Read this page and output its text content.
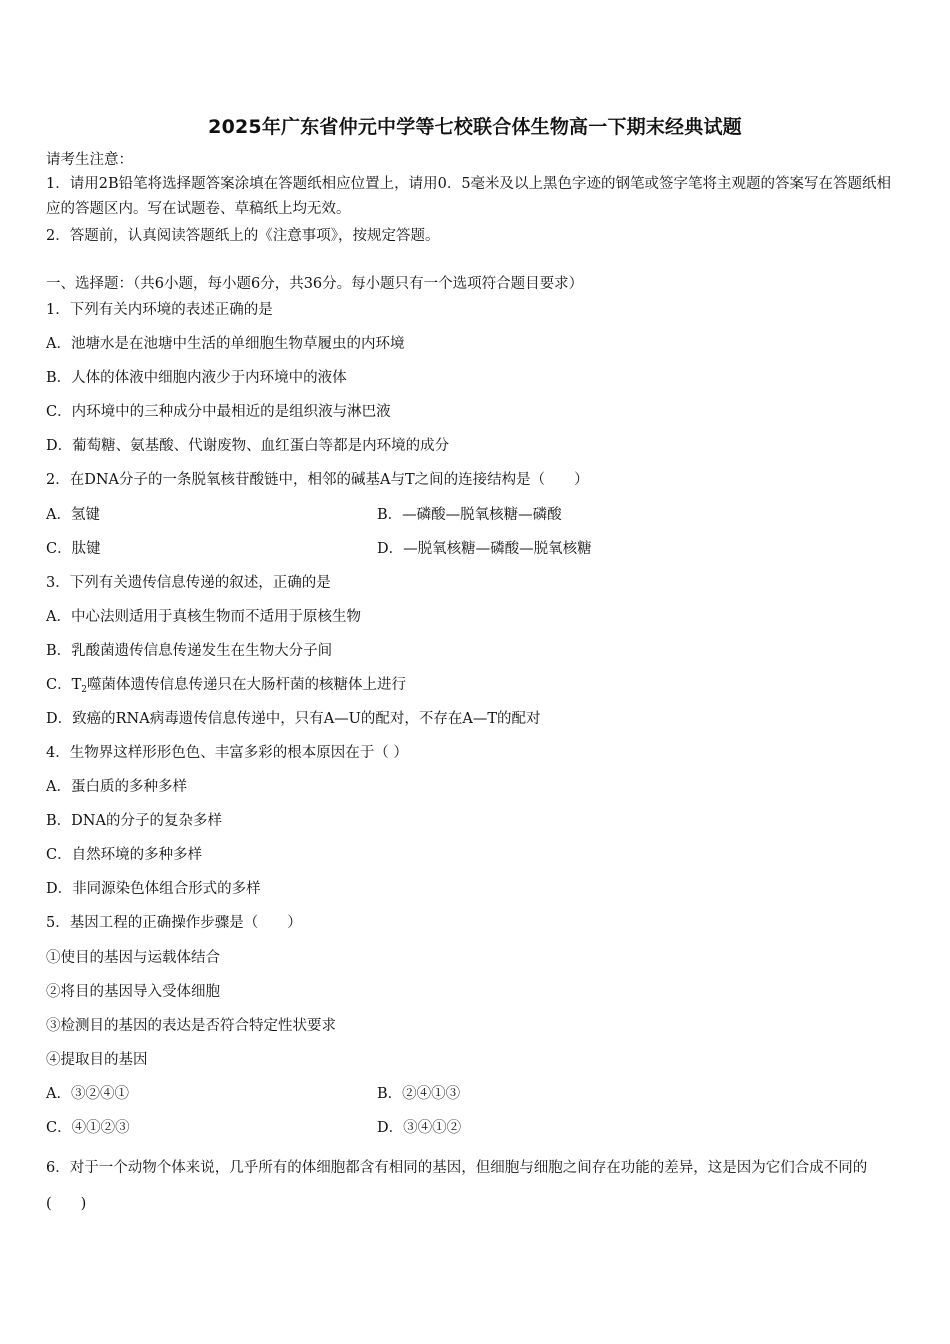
2025年广东省仲元中学等七校联合体生物高一下期末经典试题
请考生注意：
1．请用2B铅笔将选择题答案涂填在答题纸相应位置上，请用0．5毫米及以上黑色字迹的钢笔或签字笔将主观题的答案写在答题纸相应的答题区内。写在试题卷、草稿纸上均无效。
2．答题前，认真阅读答题纸上的《注意事项》，按规定答题。
一、选择题：（共6小题，每小题6分，共36分。每小题只有一个选项符合题目要求）
1．下列有关内环境的表述正确的是
A．池塘水是在池塘中生活的单细胞生物草履虫的内环境
B．人体的体液中细胞内液少于内环境中的液体
C．内环境中的三种成分中最相近的是组织液与淋巴液
D．葡萄糖、氨基酸、代谢废物、血红蛋白等都是内环境的成分
2．在DNA分子的一条脱氧核苷酸链中，相邻的碱基A与T之间的连接结构是（　　）
A．氢键	B．—磷酸—脱氧核糖—磷酸
C．肽键	D．—脱氧核糖—磷酸—脱氧核糖
3．下列有关遗传信息传递的叙述，正确的是
A．中心法则适用于真核生物而不适用于原核生物
B．乳酸菌遗传信息传递发生在生物大分子间
C．$T_2$噬菌体遗传信息传递只在大肠杆菌的核糖体上进行
D．致癌的RNA病毒遗传信息传递中，只有A—U的配对，不存在A—T的配对
4．生物界这样形形色色、丰富多彩的根本原因在于（ ）
A．蛋白质的多种多样
B．DNA的分子的复杂多样
C．自然环境的多种多样
D．非同源染色体组合形式的多样
5．基因工程的正确操作步骤是（　　）
①使目的基因与运载体结合
②将目的基因导入受体细胞
③检测目的基因的表达是否符合特定性状要求
④提取目的基因
A．③②④①	B．②④①③
C．④①②③	D．③④①②
6．对于一个动物个体来说，几乎所有的体细胞都含有相同的基因，但细胞与细胞之间存在功能的差异，这是因为它们合成不同的(　　)
